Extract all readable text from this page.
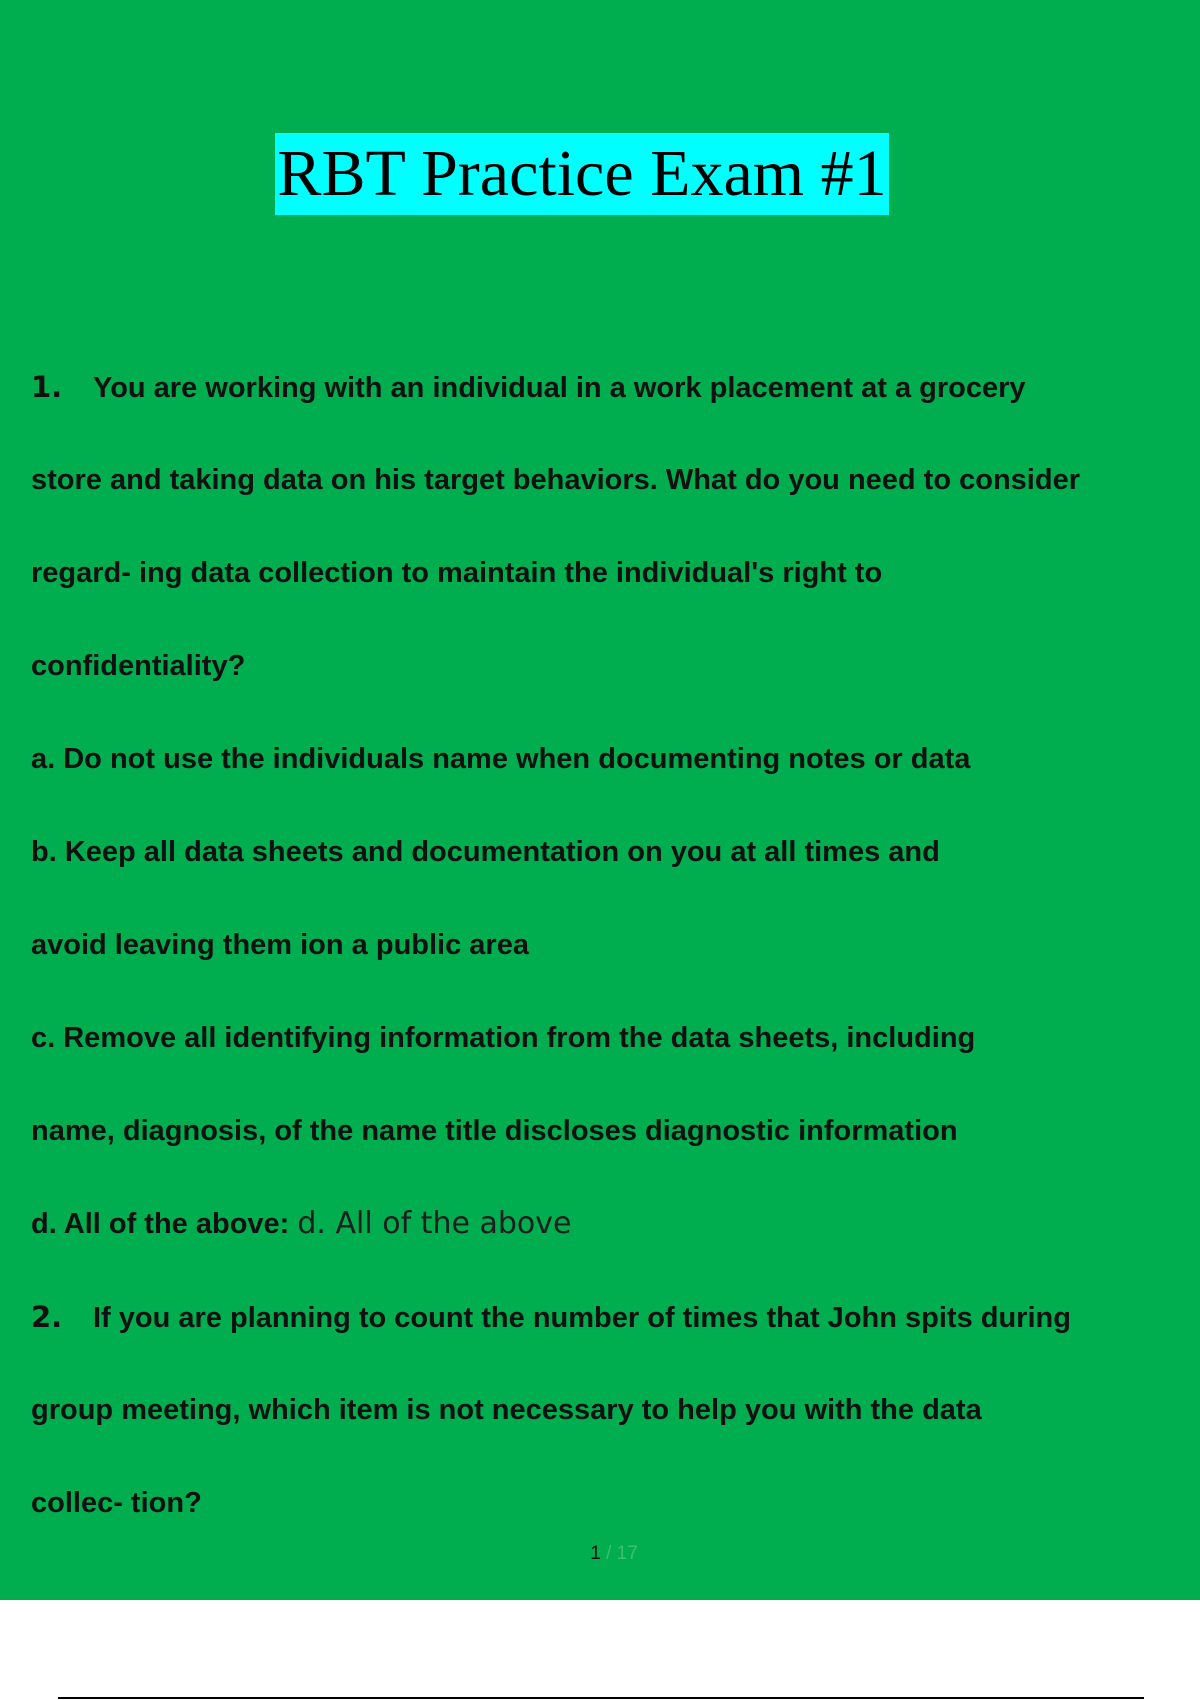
RBT Practice Exam #1
1. You are working with an individual in a work placement at a grocery
store and taking data on his target behaviors. What do you need to consider
regard- ing data collection to maintain the individual's right to
confidentiality?
a. Do not use the individuals name when documenting notes or data
b. Keep all data sheets and documentation on you at all times and
avoid leaving them ion a public area
c. Remove all identifying information from the data sheets, including
name, diagnosis, of the name title discloses diagnostic information
d. All of the above: d. All of the above
2. If you are planning to count the number of times that John spits during
group meeting, which item is not necessary to help you with the data
collec- tion?
1 / 17
